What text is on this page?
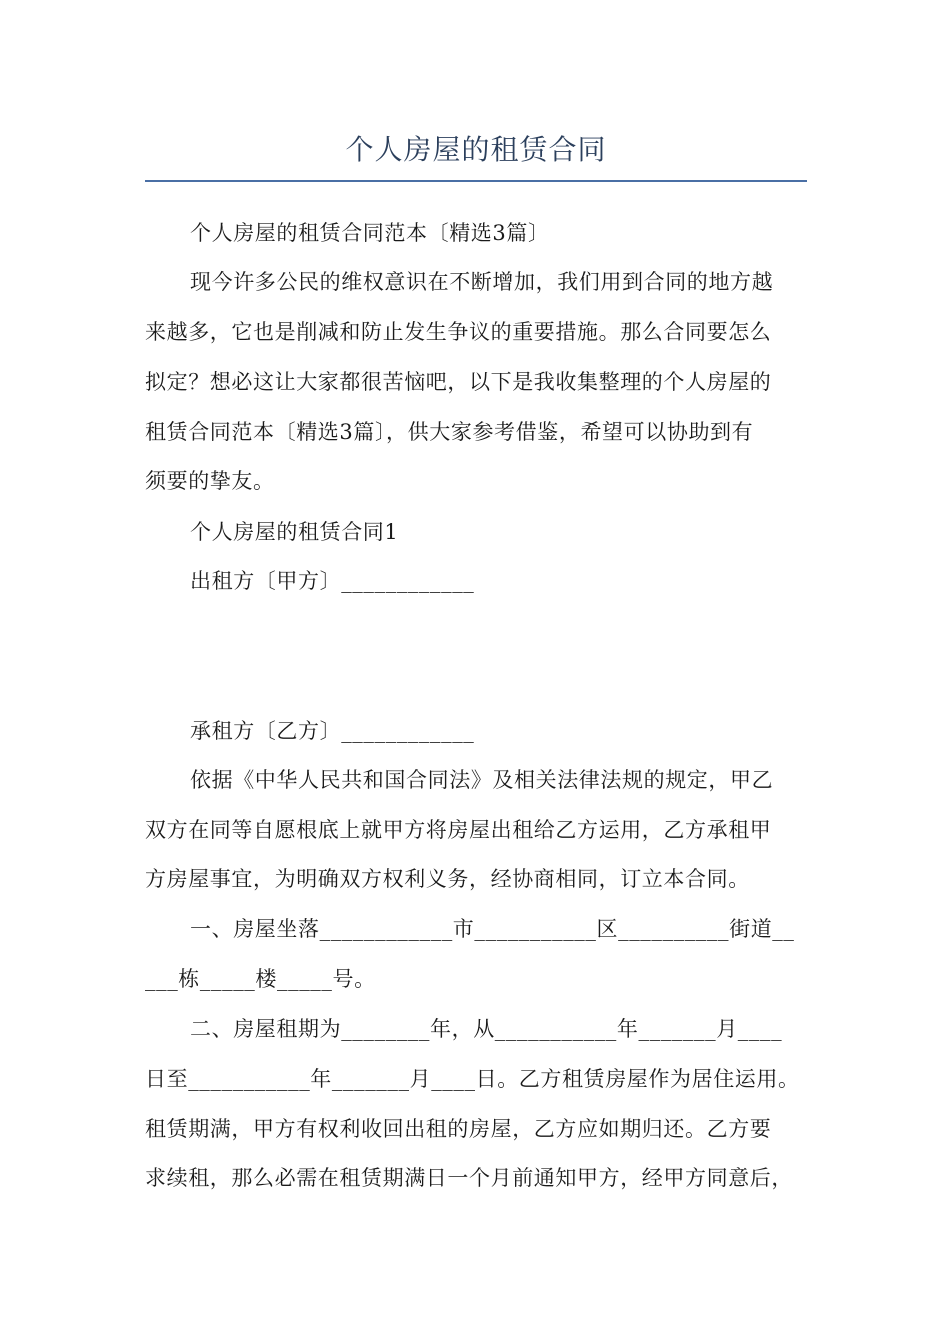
个人房屋的租赁合同
个人房屋的租赁合同范本〔精选3篇〕
现今许多公民的维权意识在不断增加，我们用到合同的地方越
来越多，它也是削减和防止发生争议的重要措施。那么合同要怎么
拟定？想必这让大家都很苦恼吧，以下是我收集整理的个人房屋的
租赁合同范本〔精选3篇〕，供大家参考借鉴，希望可以协助到有
须要的挚友。
个人房屋的租赁合同1
出租方〔甲方〕____________
承租方〔乙方〕____________
依据《中华人民共和国合同法》及相关法律法规的规定，甲乙
双方在同等自愿根底上就甲方将房屋出租给乙方运用，乙方承租甲
方房屋事宜，为明确双方权利义务，经协商相同，订立本合同。
一、房屋坐落____________市___________区__________街道__
___栋_____楼_____号。
二、房屋租期为________年，从___________年_______月____
日至___________年_______月____日。乙方租赁房屋作为居住运用。
租赁期满，甲方有权利收回出租的房屋，乙方应如期归还。乙方要
求续租，那么必需在租赁期满日一个月前通知甲方，经甲方同意后，
